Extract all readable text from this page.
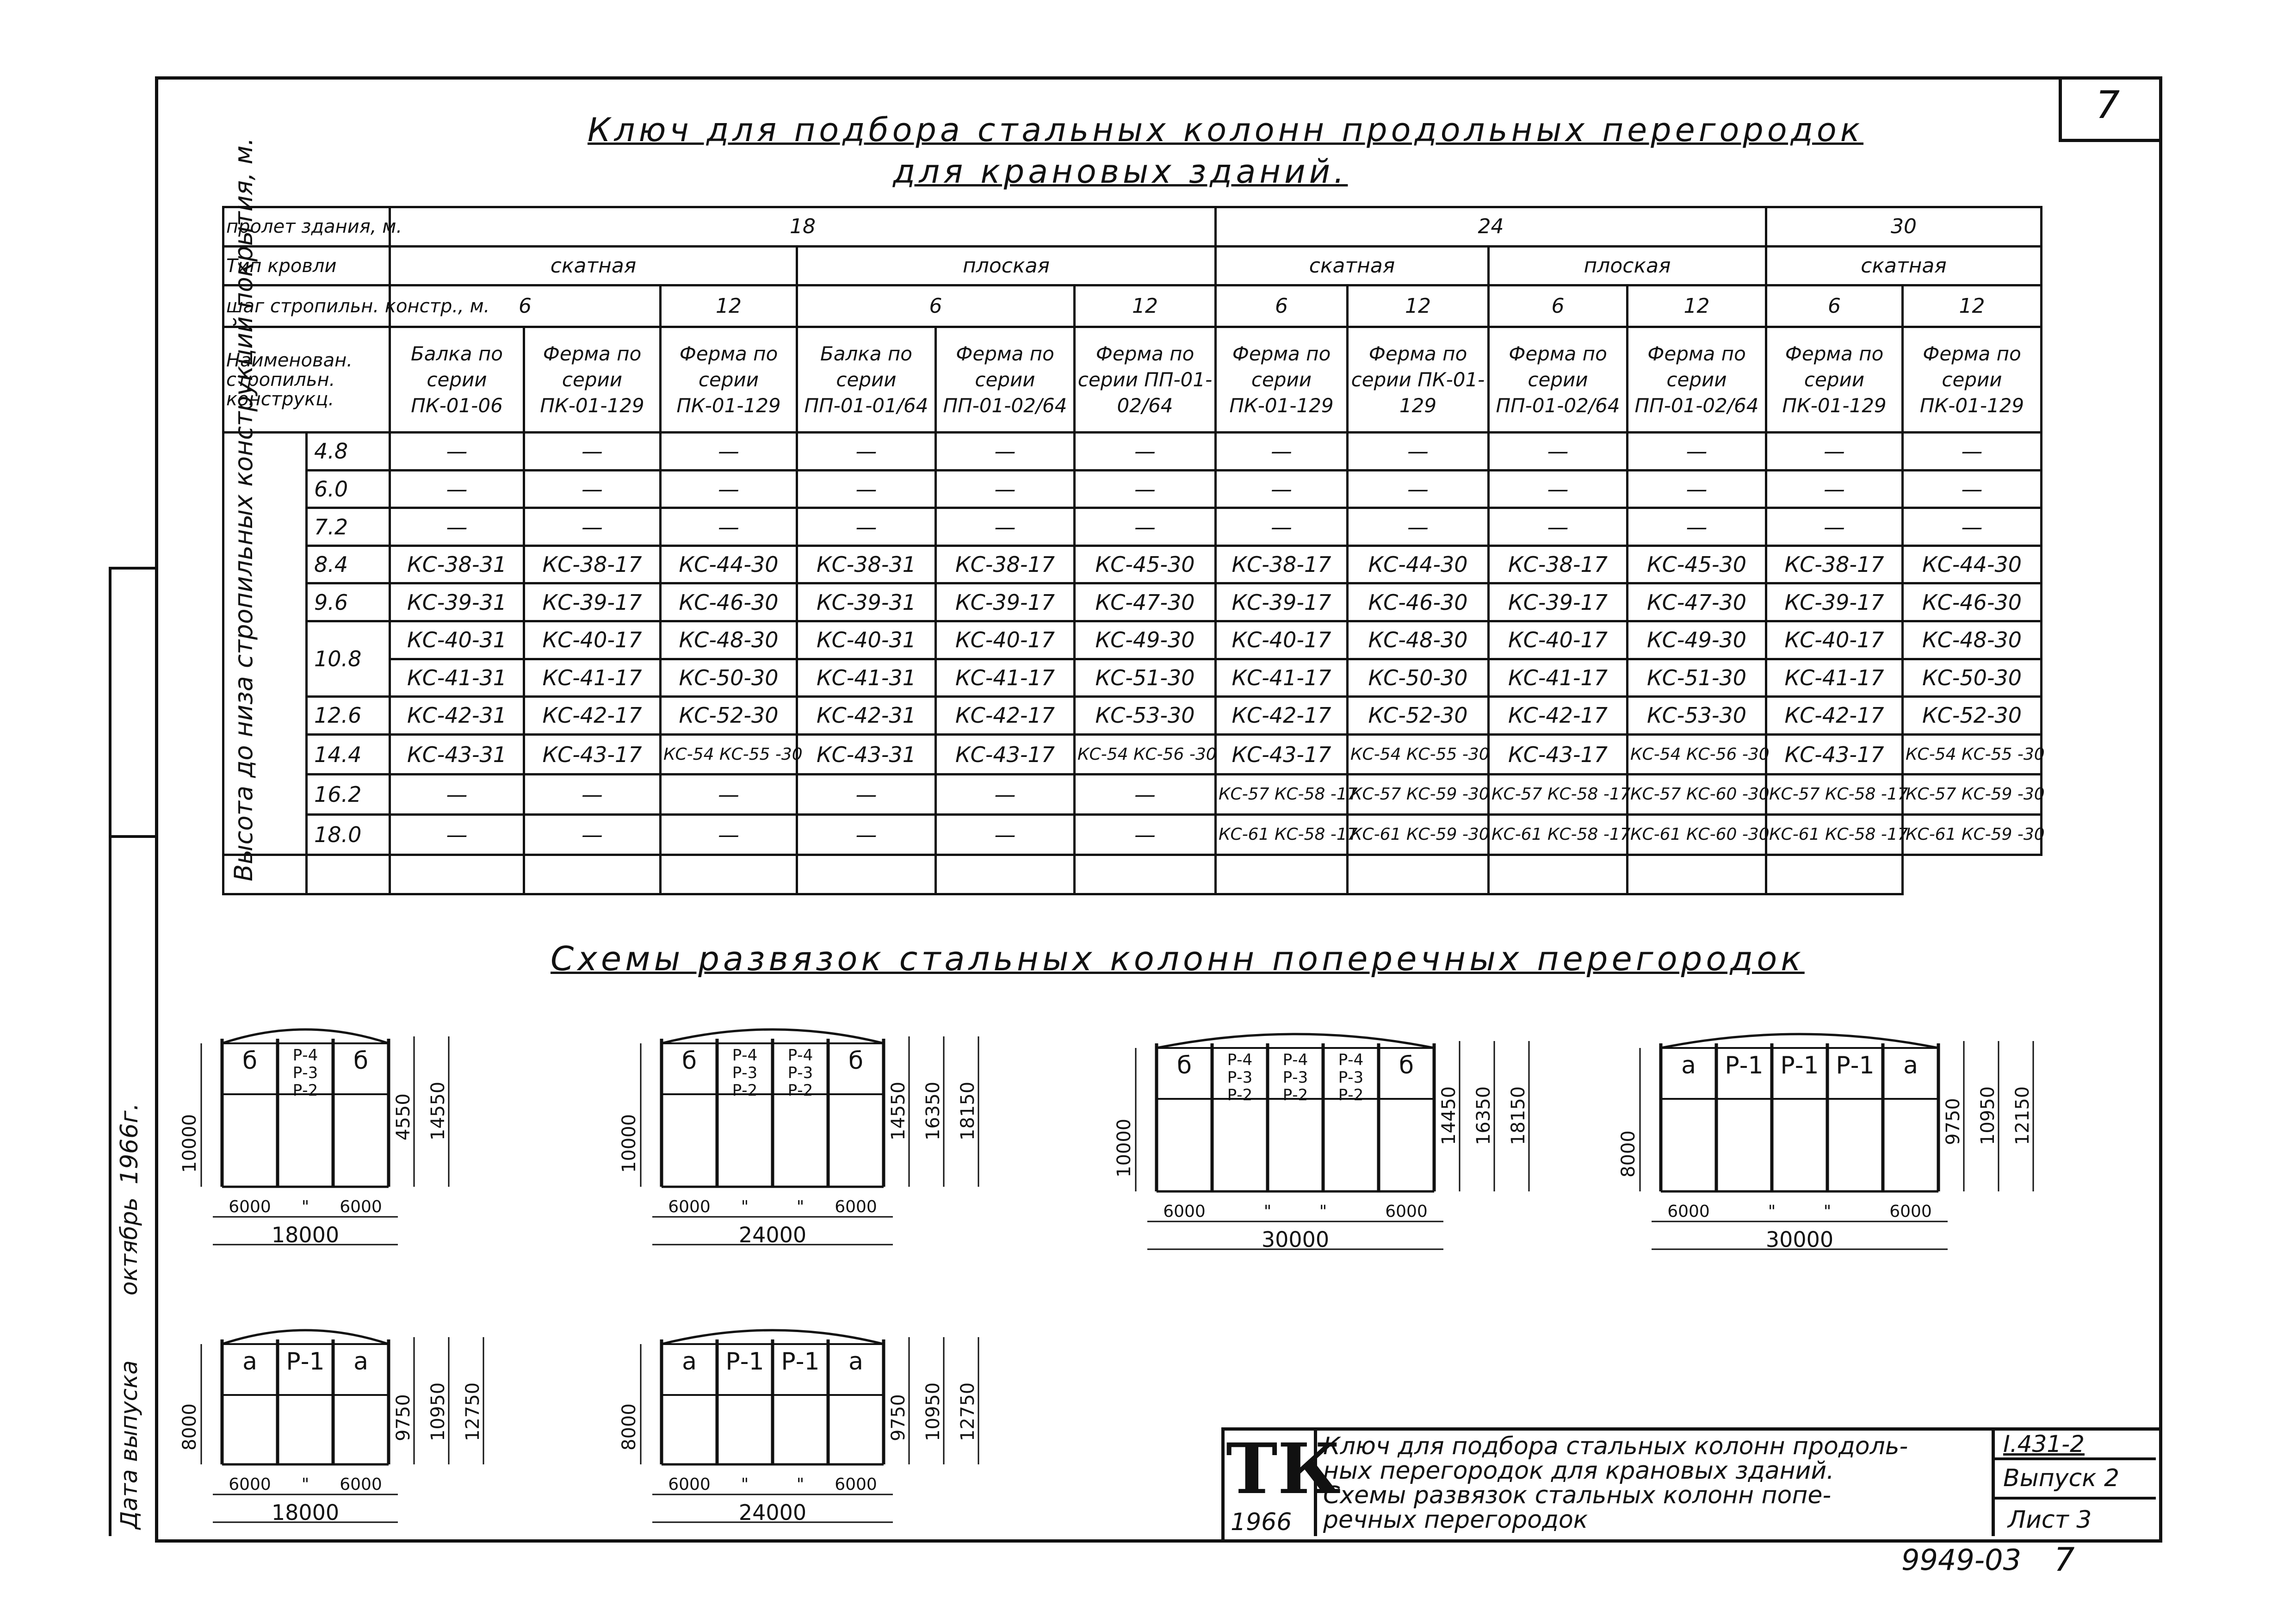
7
Ключ для подбора стальных колонн продольных перегородок
для крановых зданий.
пролет здания, м.		18						24				30	
Тип кровли		скатная			плоская			скатная		плоская		скатная	
шаг стропильн. констр., м.		6		12	6		12	6	12	6	12	6	12
Наименован. стропильн. конструкц.		Балка по серии ПК-01-06	Ферма по серии ПК-01-129	Ферма по серии ПК-01-129	Балка по серии ПП-01-01/64	Ферма по серии ПП-01-02/64	Ферма по серии ПП-01-02/64	Ферма по серии ПК-01-129	Ферма по серии ПК-01-129	Ферма по серии ПП-01-02/64	Ферма по серии ПП-01-02/64	Ферма по серии ПК-01-129	Ферма по серии ПК-01-129
	4.8	—	—	—	—	—	—	—	—	—	—	—	—
	6.0	—	—	—	—	—	—	—	—	—	—	—	—
	7.2	—	—	—	—	—	—	—	—	—	—	—	—
	8.4	КС-38-31	КС-38-17	КС-44-30	КС-38-31	КС-38-17	КС-45-30	КС-38-17	КС-44-30	КС-38-17	КС-45-30	КС-38-17	КС-44-30
	9.6	КС-39-31	КС-39-17	КС-46-30	КС-39-31	КС-39-17	КС-47-30	КС-39-17	КС-46-30	КС-39-17	КС-47-30	КС-39-17	КС-46-30
	10.8	КС-40-31	КС-40-17	КС-48-30	КС-40-31	КС-40-17	КС-49-30	КС-40-17	КС-48-30	КС-40-17	КС-49-30	КС-40-17	КС-48-30
		КС-41-31	КС-41-17	КС-50-30	КС-41-31	КС-41-17	КС-51-30	КС-41-17	КС-50-30	КС-41-17	КС-51-30	КС-41-17	КС-50-30
	12.6	КС-42-31	КС-42-17	КС-52-30	КС-42-31	КС-42-17	КС-53-30	КС-42-17	КС-52-30	КС-42-17	КС-53-30	КС-42-17	КС-52-30
	14.4	КС-43-31	КС-43-17	КС-54 КС-55 -30	КС-43-31	КС-43-17	КС-54 КС-56 -30	КС-43-17	КС-54 КС-55 -30	КС-43-17	КС-54 КС-56 -30	КС-43-17	КС-54 КС-55 -30
	16.2	—	—	—	—	—	—	КС-57 КС-58 -17	КС-57 КС-59 -30	КС-57 КС-58 -17	КС-57 КС-60 -30	КС-57 КС-58 -17	КС-57 КС-59 -30
	18.0	—	—	—	—	—	—	КС-61 КС-58 -17	КС-61 КС-59 -30	КС-61 КС-58 -17	КС-61 КС-60 -30	КС-61 КС-58 -17	КС-61 КС-59 -30

Высота до низа стропильных конструкций покрытия, м.
Схемы развязок стальных колонн поперечных перегородок
б Р-4
Р-3
Р-2
б
10000	4550 14550
6000 " 6000
18000
б Р-4
Р-3
Р-2
Р-4
Р-3
Р-2
б
10000
14550 16350 18150
6000 "	" 6000
24000
б Р-4
Р-3
Р-2
Р-4
Р-3
Р-2
Р-4
Р-3
Р-2
б
10000
14450 16350 18150
6000	"	"	6000
30000
а Р-1 Р-1 Р-1 а
8000
9750 10950 12150
6000	"	"	6000
30000
а Р-1 а
8000	9750 10950 12750
6000 " 6000
18000
а Р-1 Р-1 а
8000	9750 10950 12750
6000 "	" 6000
24000
ТК
1966
Ключ для подбора стальных колонн продоль-
ных перегородок для крановых зданий.
Схемы развязок стальных колонн попе-
речных перегородок
I.431-2
Выпуск 2
Лист 3
9949-03 7
Дата выпуска
октябрь
1966г.
